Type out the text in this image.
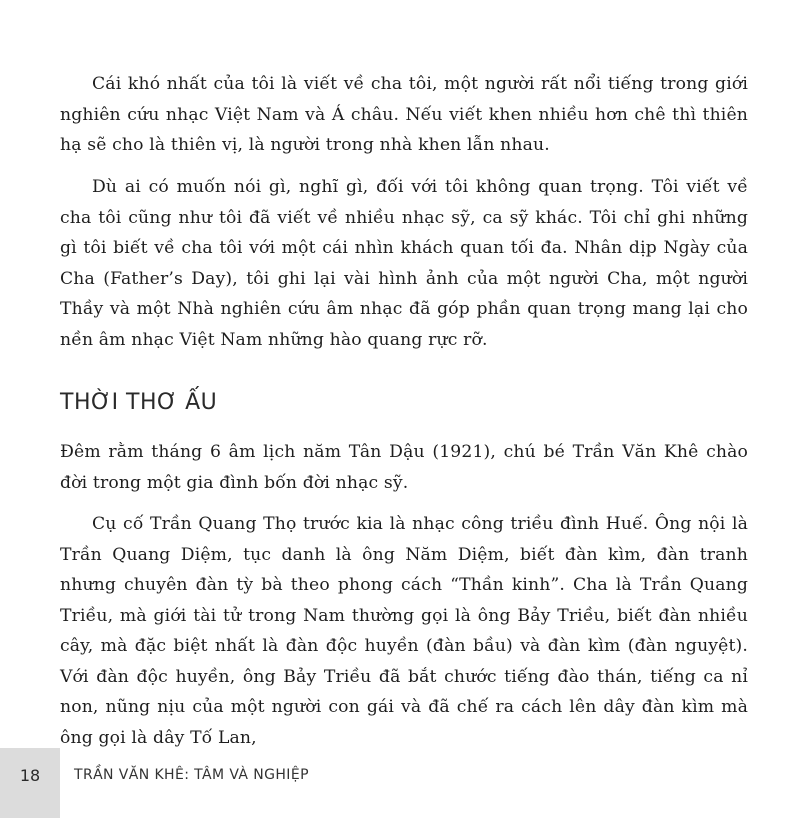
Cái khó nhất của tôi là viết về cha tôi, một người rất nổi tiếng trong giới nghiên cứu nhạc Việt Nam và Á châu. Nếu viết khen nhiều hơn chê thì thiên hạ sẽ cho là thiên vị, là người trong nhà khen lẫn nhau.

Dù ai có muốn nói gì, nghĩ gì, đối với tôi không quan trọng. Tôi viết về cha tôi cũng như tôi đã viết về nhiều nhạc sỹ, ca sỹ khác. Tôi chỉ ghi những gì tôi biết về cha tôi với một cái nhìn khách quan tối đa. Nhân dịp Ngày của Cha (Father’s Day), tôi ghi lại vài hình ảnh của một người Cha, một người Thầy và một Nhà nghiên cứu âm nhạc đã góp phần quan trọng mang lại cho nền âm nhạc Việt Nam những hào quang rực rỡ.

THỜI THƠ ẤU

Đêm rằm tháng 6 âm lịch năm Tân Dậu (1921), chú bé Trần Văn Khê chào đời trong một gia đình bốn đời nhạc sỹ.

Cụ cố Trần Quang Thọ trước kia là nhạc công triều đình Huế. Ông nội là Trần Quang Diệm, tục danh là ông Năm Diệm, biết đàn kìm, đàn tranh nhưng chuyên đàn tỳ bà theo phong cách “Thần kinh”. Cha là Trần Quang Triều, mà giới tài tử trong Nam thường gọi là ông Bảy Triều, biết đàn nhiều cây, mà đặc biệt nhất là đàn độc huyền (đàn bầu) và đàn kìm (đàn nguyệt). Với đàn độc huyền, ông Bảy Triều đã bắt chước tiếng đào thán, tiếng ca nỉ non, nũng nịu của một người con gái và đã chế ra cách lên dây đàn kìm mà ông gọi là dây Tố Lan,

18	TRẦN VĂN KHÊ: TÂM VÀ NGHIỆP
